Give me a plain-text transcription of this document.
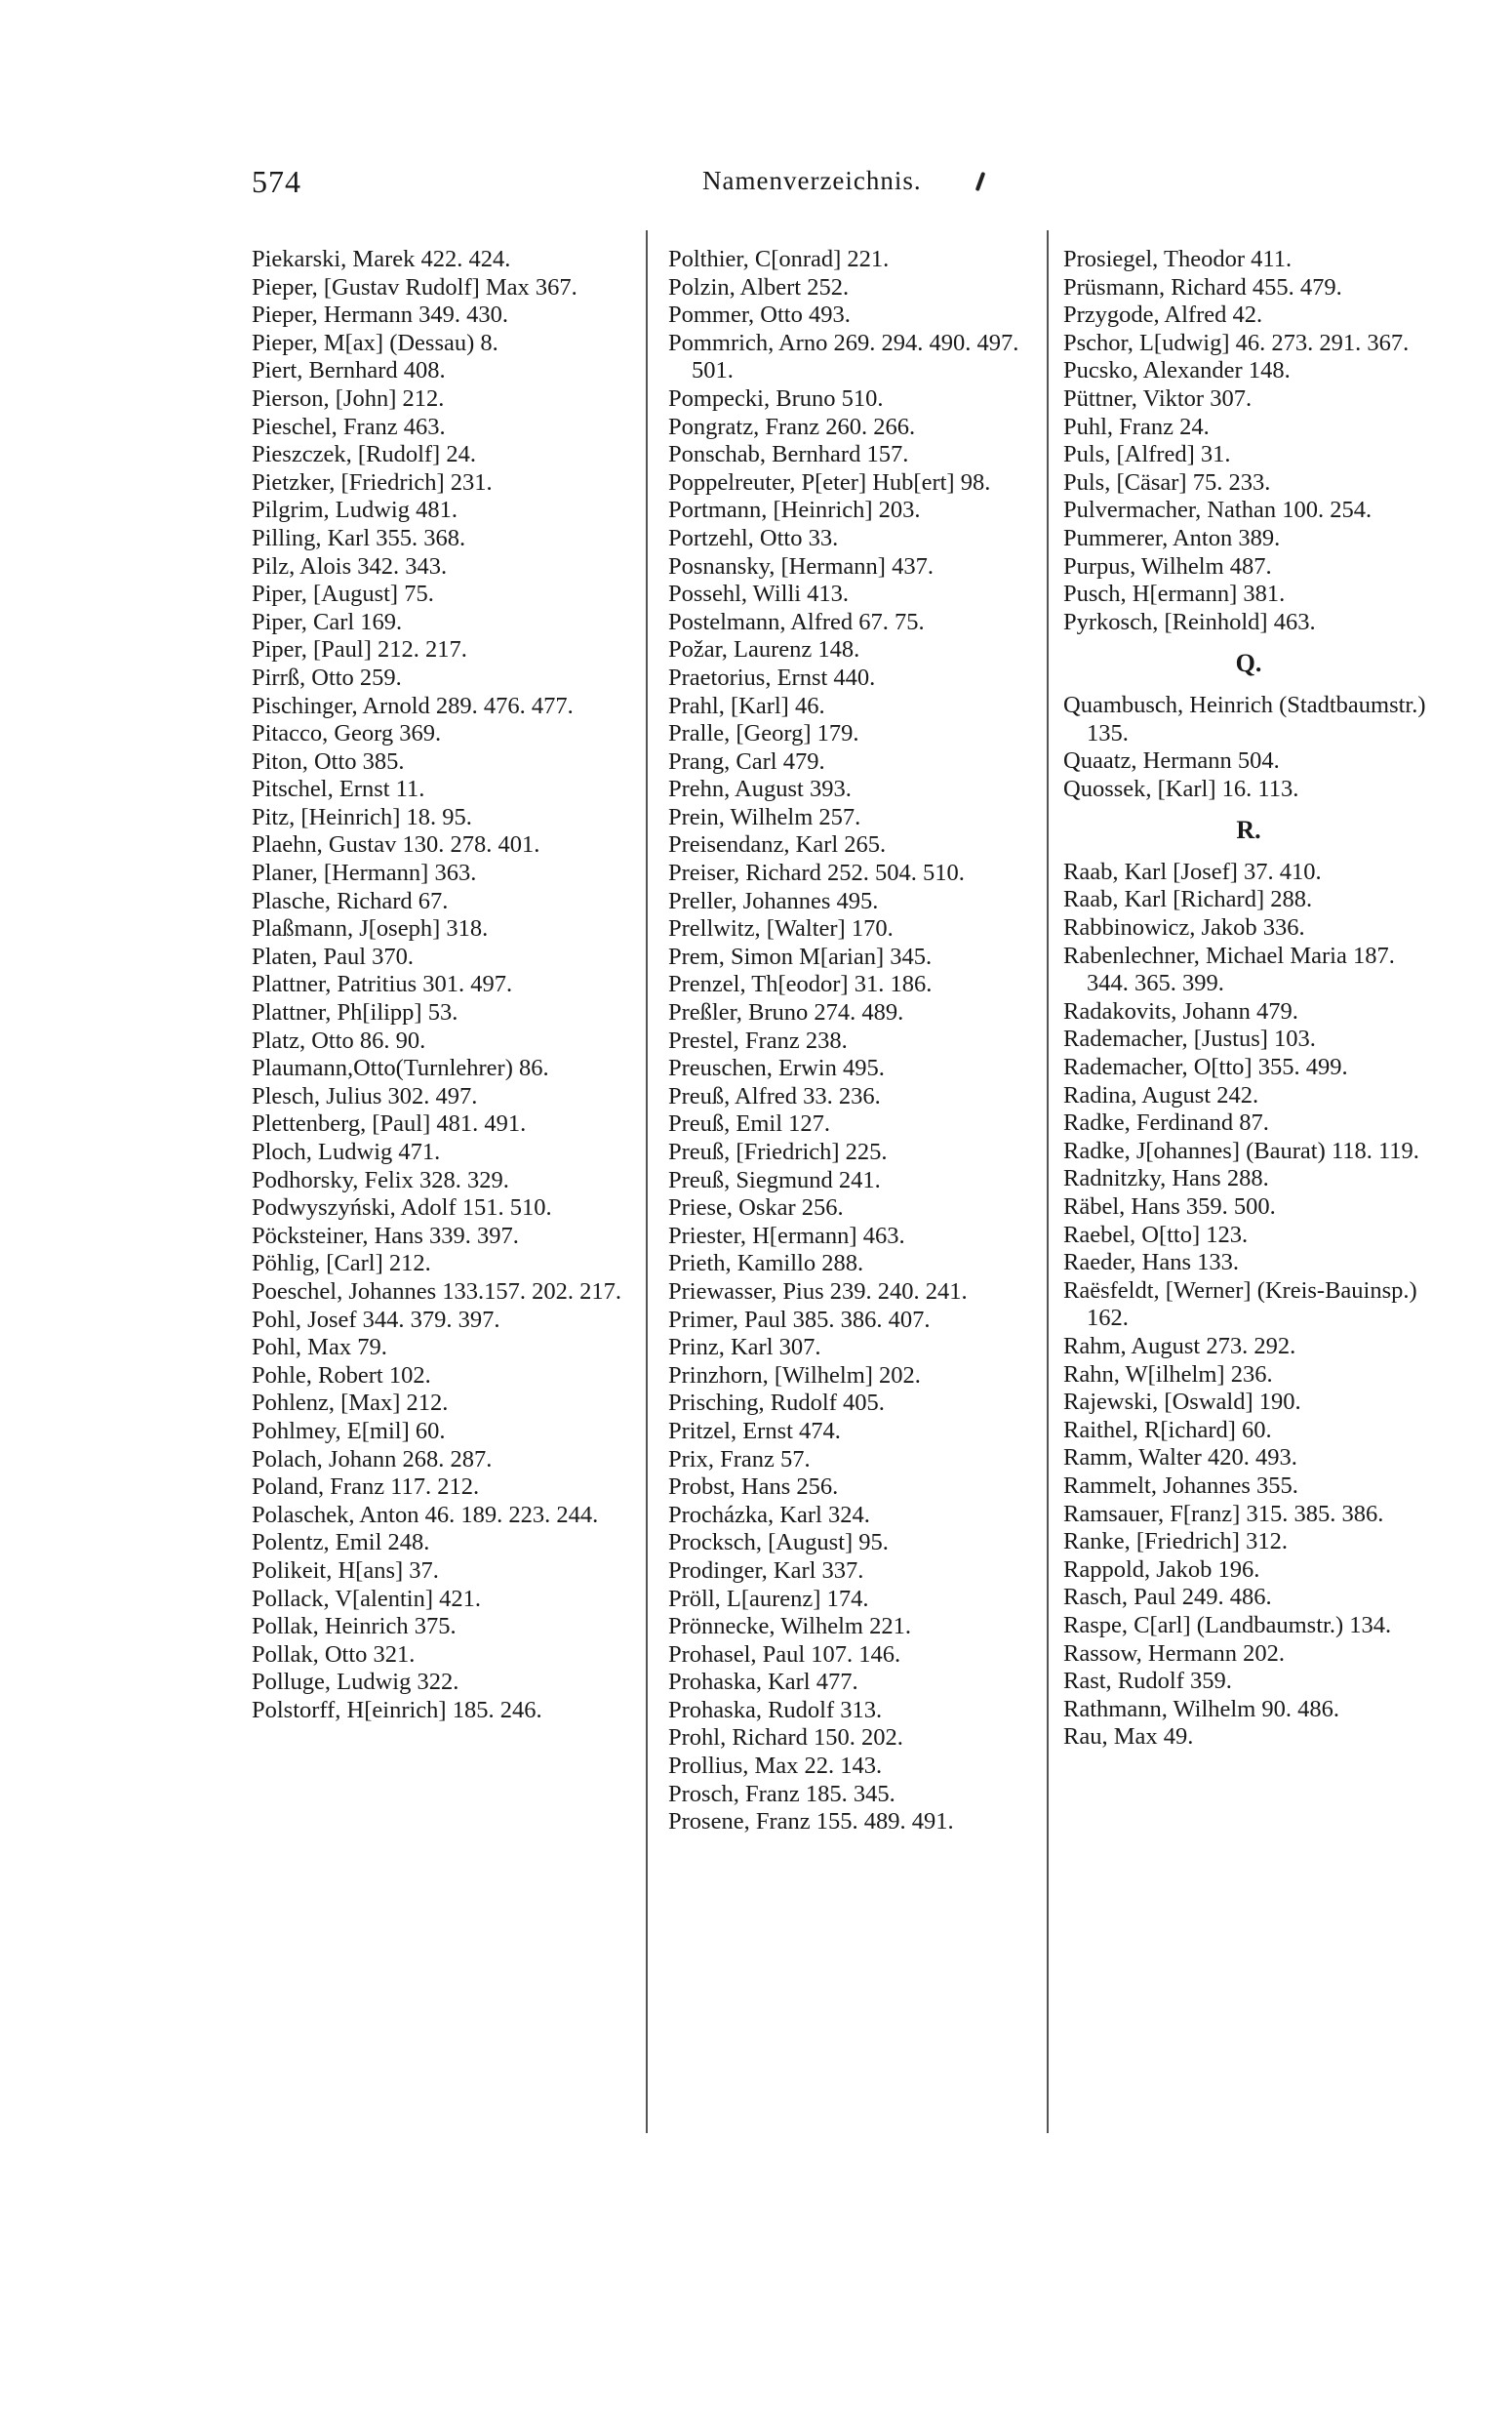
574	Namenverzeichnis.

Piekarski, Marek 422. 424.

Pieper, [Gustav Rudolf] Max 367.

Pieper, Hermann 349. 430.

Pieper, M[ax] (Dessau) 8.

Piert, Bernhard 408.

Pierson, [John] 212.

Pieschel, Franz 463.

Pieszczek, [Rudolf] 24.

Pietzker, [Friedrich] 231.

Pilgrim, Ludwig 481.

Pilling, Karl 355. 368.

Pilz, Alois 342. 343.

Piper, [August] 75.

Piper, Carl 169.

Piper, [Paul] 212. 217.

Pirrß, Otto 259.

Pischinger, Arnold 289. 476. 477.

Pitacco, Georg 369.

Piton, Otto 385.

Pitschel, Ernst 11.

Pitz, [Heinrich] 18. 95.

Plaehn, Gustav 130. 278. 401.

Planer, [Hermann] 363.

Plasche, Richard 67.

Plaßmann, J[oseph] 318.

Platen, Paul 370.

Plattner, Patritius 301. 497.

Plattner, Ph[ilipp] 53.

Platz, Otto 86. 90.

Plaumann,Otto(Turnlehrer) 86.

Plesch, Julius 302. 497.

Plettenberg, [Paul] 481. 491.

Ploch, Ludwig 471.

Podhorsky, Felix 328. 329.

Podwyszyński, Adolf 151. 510.

Pöcksteiner, Hans 339. 397.

Pöhlig, [Carl] 212.

Poeschel, Johannes 133.157. 202. 217.

Pohl, Josef 344. 379. 397.

Pohl, Max 79.

Pohle, Robert 102.

Pohlenz, [Max] 212.

Pohlmey, E[mil] 60.

Polach, Johann 268. 287.

Poland, Franz 117. 212.

Polaschek, Anton 46. 189. 223. 244.

Polentz, Emil 248.

Polikeit, H[ans] 37.

Pollack, V[alentin] 421.

Pollak, Heinrich 375.

Pollak, Otto 321.

Polluge, Ludwig 322.

Polstorff, H[einrich] 185. 246.

Polthier, C[onrad] 221.

Polzin, Albert 252.

Pommer, Otto 493.

Pommrich, Arno 269. 294. 490. 497. 501.

Pompecki, Bruno 510.

Pongratz, Franz 260. 266.

Ponschab, Bernhard 157.

Poppelreuter, P[eter] Hub[ert] 98.

Portmann, [Heinrich] 203.

Portzehl, Otto 33.

Posnansky, [Hermann] 437.

Possehl, Willi 413.

Postelmann, Alfred 67. 75.

Požar, Laurenz 148.

Praetorius, Ernst 440.

Prahl, [Karl] 46.

Pralle, [Georg] 179.

Prang, Carl 479.

Prehn, August 393.

Prein, Wilhelm 257.

Preisendanz, Karl 265.

Preiser, Richard 252. 504. 510.

Preller, Johannes 495.

Prellwitz, [Walter] 170.

Prem, Simon M[arian] 345.

Prenzel, Th[eodor] 31. 186.

Preßler, Bruno 274. 489.

Prestel, Franz 238.

Preuschen, Erwin 495.

Preuß, Alfred 33. 236.

Preuß, Emil 127.

Preuß, [Friedrich] 225.

Preuß, Siegmund 241.

Priese, Oskar 256.

Priester, H[ermann] 463.

Prieth, Kamillo 288.

Priewasser, Pius 239. 240. 241.

Primer, Paul 385. 386. 407.

Prinz, Karl 307.

Prinzhorn, [Wilhelm] 202.

Prisching, Rudolf 405.

Pritzel, Ernst 474.

Prix, Franz 57.

Probst, Hans 256.

Procházka, Karl 324.

Procksch, [August] 95.

Prodinger, Karl 337.

Pröll, L[aurenz] 174.

Prönnecke, Wilhelm 221.

Prohasel, Paul 107. 146.

Prohaska, Karl 477.

Prohaska, Rudolf 313.

Prohl, Richard 150. 202.

Prollius, Max 22. 143.

Prosch, Franz 185. 345.

Prosene, Franz 155. 489. 491.

Prosiegel, Theodor 411.

Prüsmann, Richard 455. 479.

Przygode, Alfred 42.

Pschor, L[udwig] 46. 273. 291. 367.

Pucsko, Alexander 148.

Püttner, Viktor 307.

Puhl, Franz 24.

Puls, [Alfred] 31.

Puls, [Cäsar] 75. 233.

Pulvermacher, Nathan 100. 254.

Pummerer, Anton 389.

Purpus, Wilhelm 487.

Pusch, H[ermann] 381.

Pyrkosch, [Reinhold] 463.

Q.

Quambusch, Heinrich (Stadtbaumstr.) 135.

Quaatz, Hermann 504.

Quossek, [Karl] 16. 113.

R.

Raab, Karl [Josef] 37. 410.

Raab, Karl [Richard] 288.

Rabbinowicz, Jakob 336.

Rabenlechner, Michael Maria 187. 344. 365. 399.

Radakovits, Johann 479.

Rademacher, [Justus] 103.

Rademacher, O[tto] 355. 499.

Radina, August 242.

Radke, Ferdinand 87.

Radke, J[ohannes] (Baurat) 118. 119.

Radnitzky, Hans 288.

Räbel, Hans 359. 500.

Raebel, O[tto] 123.

Raeder, Hans 133.

Raësfeldt, [Werner] (Kreis-Bauinsp.) 162.

Rahm, August 273. 292.

Rahn, W[ilhelm] 236.

Rajewski, [Oswald] 190.

Raithel, R[ichard] 60.

Ramm, Walter 420. 493.

Rammelt, Johannes 355.

Ramsauer, F[ranz] 315. 385. 386.

Ranke, [Friedrich] 312.

Rappold, Jakob 196.

Rasch, Paul 249. 486.

Raspe, C[arl] (Landbaumstr.) 134.

Rassow, Hermann 202.

Rast, Rudolf 359.

Rathmann, Wilhelm 90. 486.

Rau, Max 49.
